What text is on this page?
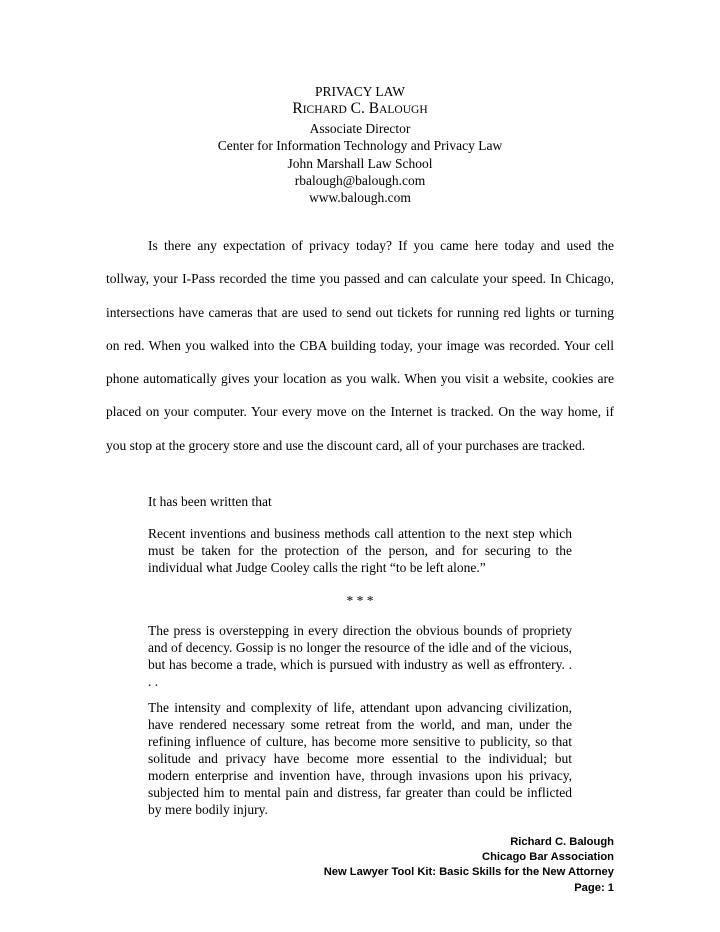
PRIVACY LAW
RICHARD C. BALOUGH
Associate Director
Center for Information Technology and Privacy Law
John Marshall Law School
rbalough@balough.com
www.balough.com

Is there any expectation of privacy today? If you came here today and used the tollway, your I-Pass recorded the time you passed and can calculate your speed. In Chicago, intersections have cameras that are used to send out tickets for running red lights or turning on red. When you walked into the CBA building today, your image was recorded. Your cell phone automatically gives your location as you walk. When you visit a website, cookies are placed on your computer. Your every move on the Internet is tracked. On the way home, if you stop at the grocery store and use the discount card, all of your purchases are tracked.

It has been written that

Recent inventions and business methods call attention to the next step which must be taken for the protection of the person, and for securing to the individual what Judge Cooley calls the right “to be left alone.”

* * *

The press is overstepping in every direction the obvious bounds of propriety and of decency. Gossip is no longer the resource of the idle and of the vicious, but has become a trade, which is pursued with industry as well as effrontery. . . .

The intensity and complexity of life, attendant upon advancing civilization, have rendered necessary some retreat from the world, and man, under the refining influence of culture, has become more sensitive to publicity, so that solitude and privacy have become more essential to the individual; but modern enterprise and invention have, through invasions upon his privacy, subjected him to mental pain and distress, far greater than could be inflicted by mere bodily injury.

Richard C. Balough
Chicago Bar Association
New Lawyer Tool Kit: Basic Skills for the New Attorney
Page: 1
